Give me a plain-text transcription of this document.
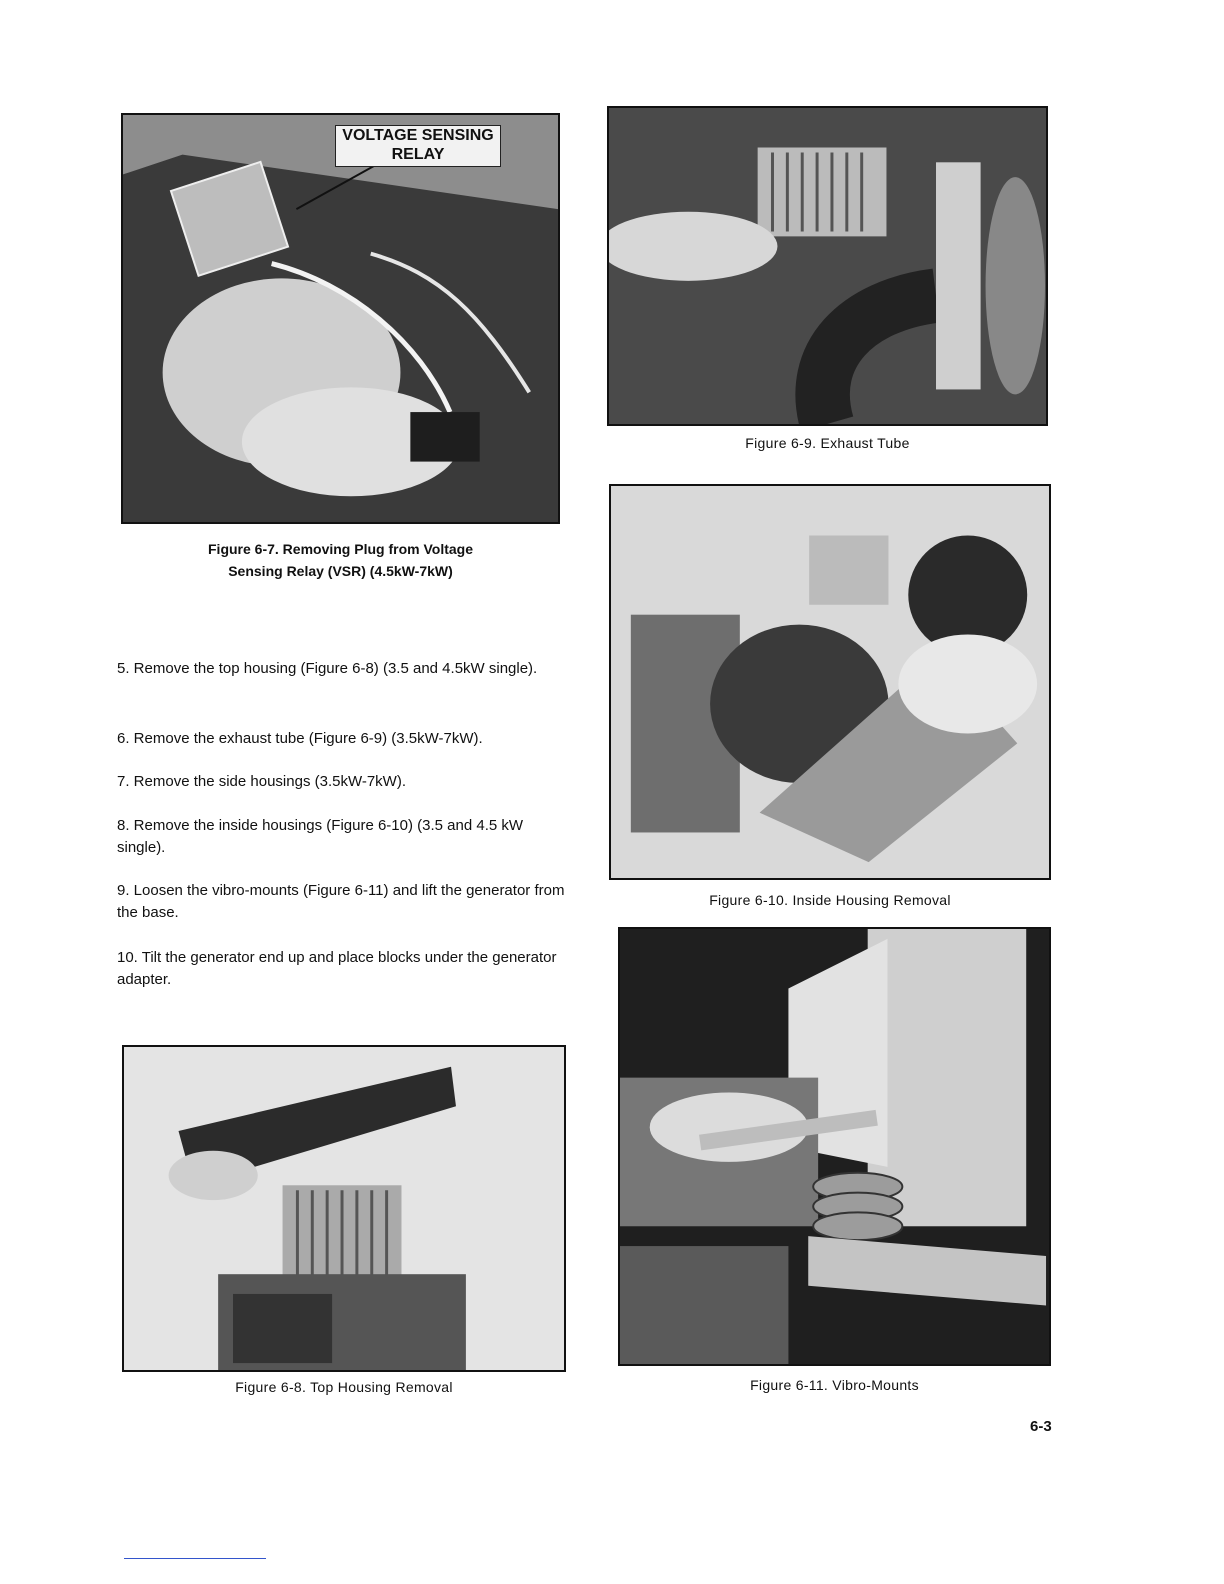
VOLTAGE SENSING
RELAY
Figure 6-7. Removing Plug from Voltage
Sensing Relay (VSR) (4.5kW-7kW)
Figure 6-9. Exhaust Tube
Figure 6-10. Inside Housing Removal
5. Remove the top housing (Figure 6-8) (3.5 and 4.5kW single).
6. Remove the exhaust tube (Figure 6-9) (3.5kW-7kW).
7. Remove the side housings (3.5kW-7kW).
8. Remove the inside housings (Figure 6-10) (3.5 and 4.5 kW single).
9. Loosen the vibro-mounts (Figure 6-11) and lift the generator from the base.
10. Tilt the generator end up and place blocks under the generator adapter.
Figure 6-11. Vibro-Mounts
Figure 6-8. Top Housing Removal
6-3
